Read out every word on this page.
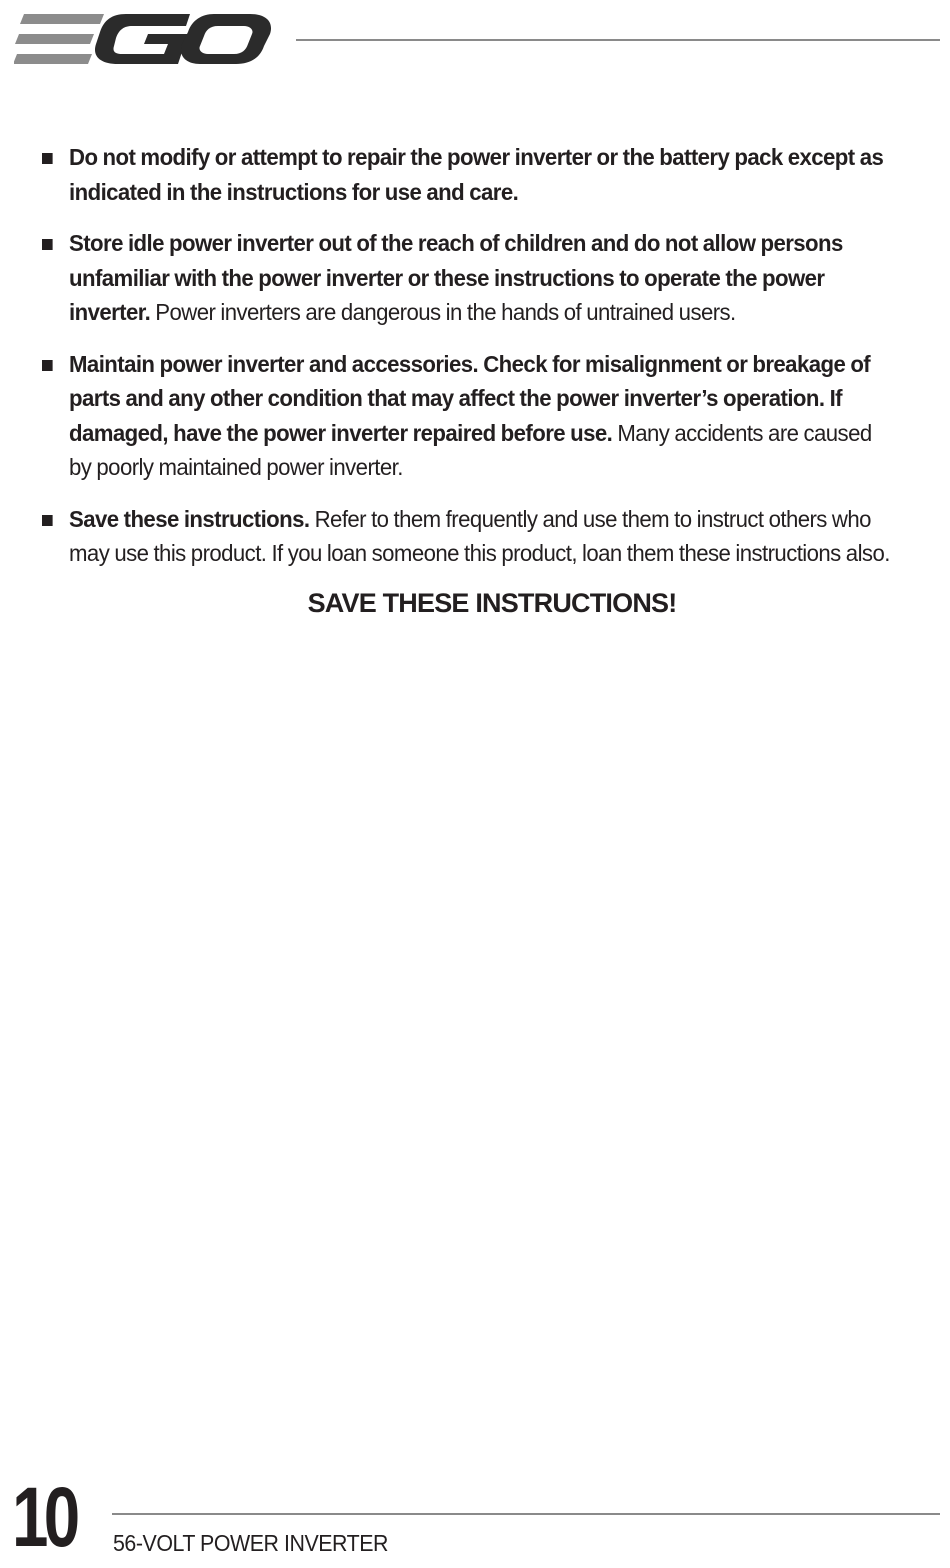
Do not modify or attempt to repair the power inverter or the battery pack except as indicated in the instructions for use and care.
Store idle power inverter out of the reach of children and do not allow persons unfamiliar with the power inverter or these instructions to operate the power inverter. Power inverters are dangerous in the hands of untrained users.
Maintain power inverter and accessories. Check for misalignment or breakage of parts and any other condition that may affect the power inverter’s operation. If damaged, have the power inverter repaired before use. Many accidents are caused by poorly maintained power inverter.
Save these instructions. Refer to them frequently and use them to instruct others who may use this product. If you loan someone this product, loan them these instructions also.
SAVE THESE INSTRUCTIONS!
10 56-VOLT POWER INVERTER
